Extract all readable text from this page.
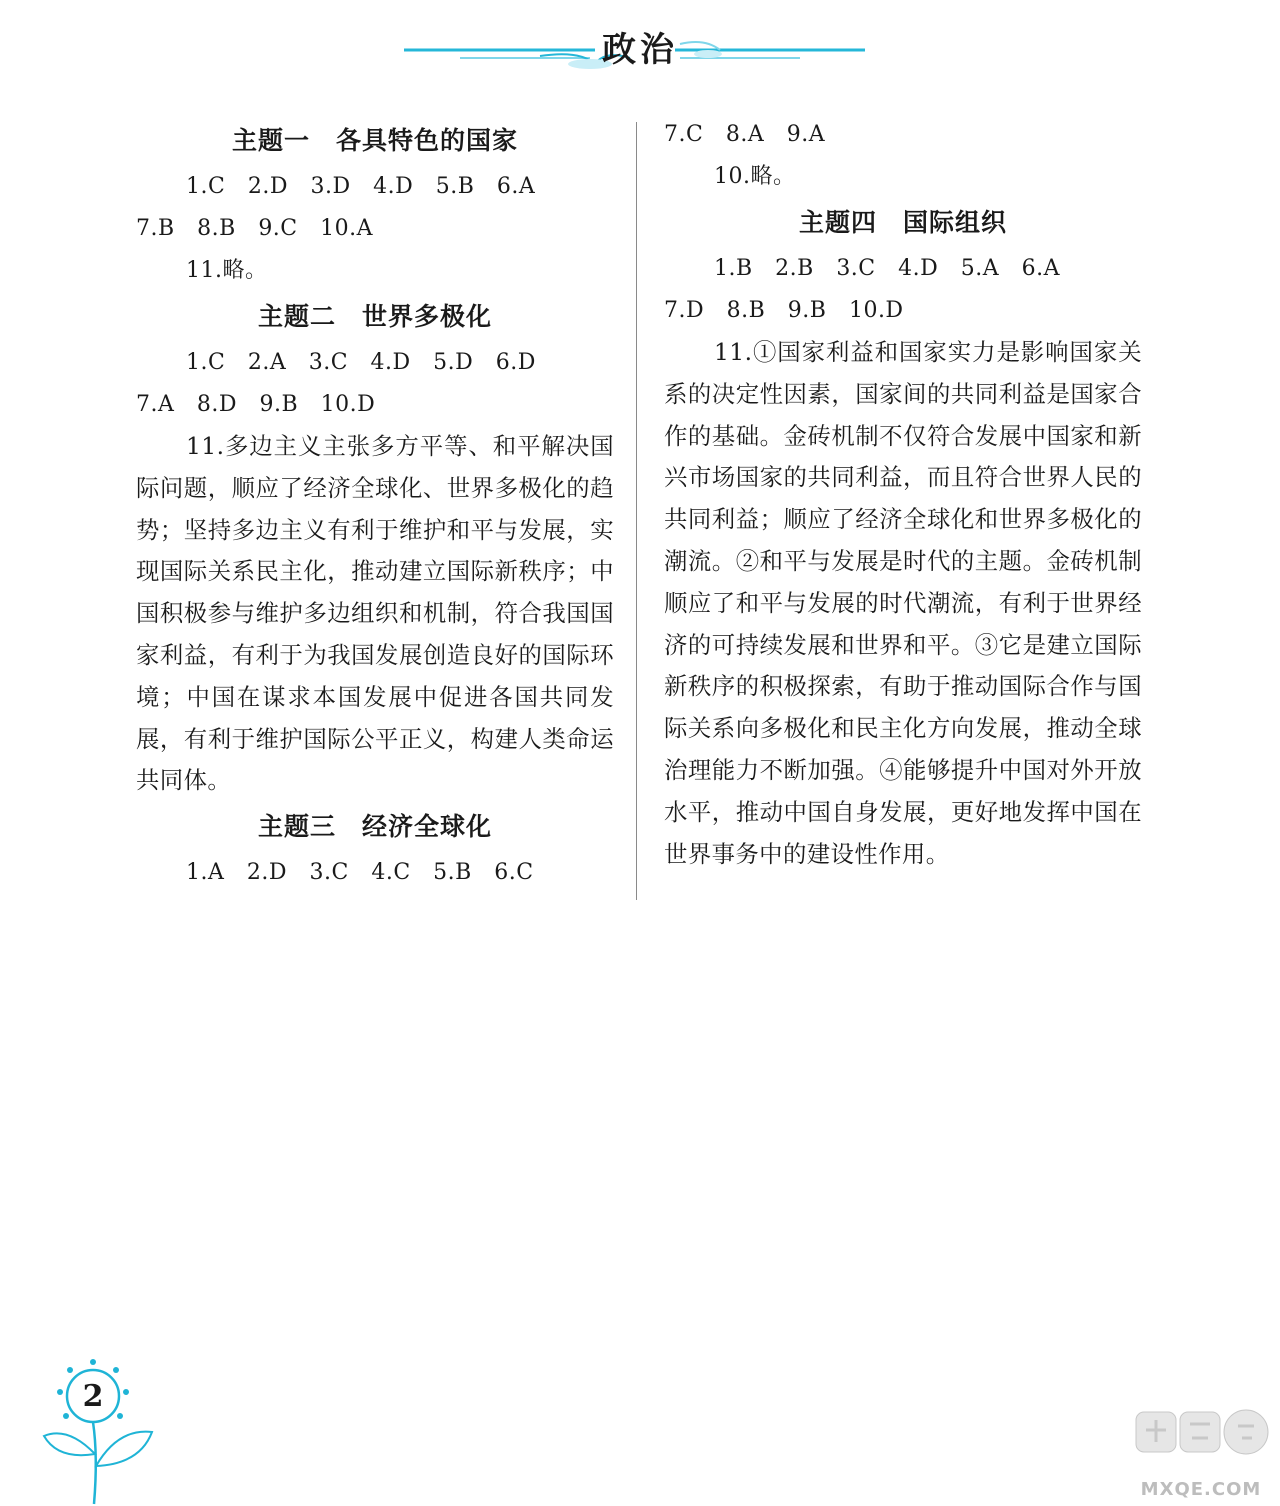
政治
主题一　各具特色的国家

1.C　2.D　3.D　4.D　5.B　6.A

7.B　8.B　9.C　10.A

11.略。

主题二　世界多极化

1.C　2.A　3.C　4.D　5.D　6.D

7.A　8.D　9.B　10.D

11.多边主义主张多方平等、和平解决国际问题，顺应了经济全球化、世界多极化的趋势；坚持多边主义有利于维护和平与发展，实现国际关系民主化，推动建立国际新秩序；中国积极参与维护多边组织和机制，符合我国国家利益，有利于为我国发展创造良好的国际环境；中国在谋求本国发展中促进各国共同发展，有利于维护国际公平正义，构建人类命运共同体。

主题三　经济全球化

1.A　2.D　3.C　4.C　5.B　6.C

7.C　8.A　9.A

10.略。

主题四　国际组织

1.B　2.B　3.C　4.D　5.A　6.A

7.D　8.B　9.B　10.D

11.①国家利益和国家实力是影响国家关系的决定性因素，国家间的共同利益是国家合作的基础。金砖机制不仅符合发展中国家和新兴市场国家的共同利益，而且符合世界人民的共同利益；顺应了经济全球化和世界多极化的潮流。②和平与发展是时代的主题。金砖机制顺应了和平与发展的时代潮流，有利于世界经济的可持续发展和世界和平。③它是建立国际新秩序的积极探索，有助于推动国际合作与国际关系向多极化和民主化方向发展，推动全球治理能力不断加强。④能够提升中国对外开放水平，推动中国自身发展，更好地发挥中国在世界事务中的建设性作用。

2
MXQE.COM
